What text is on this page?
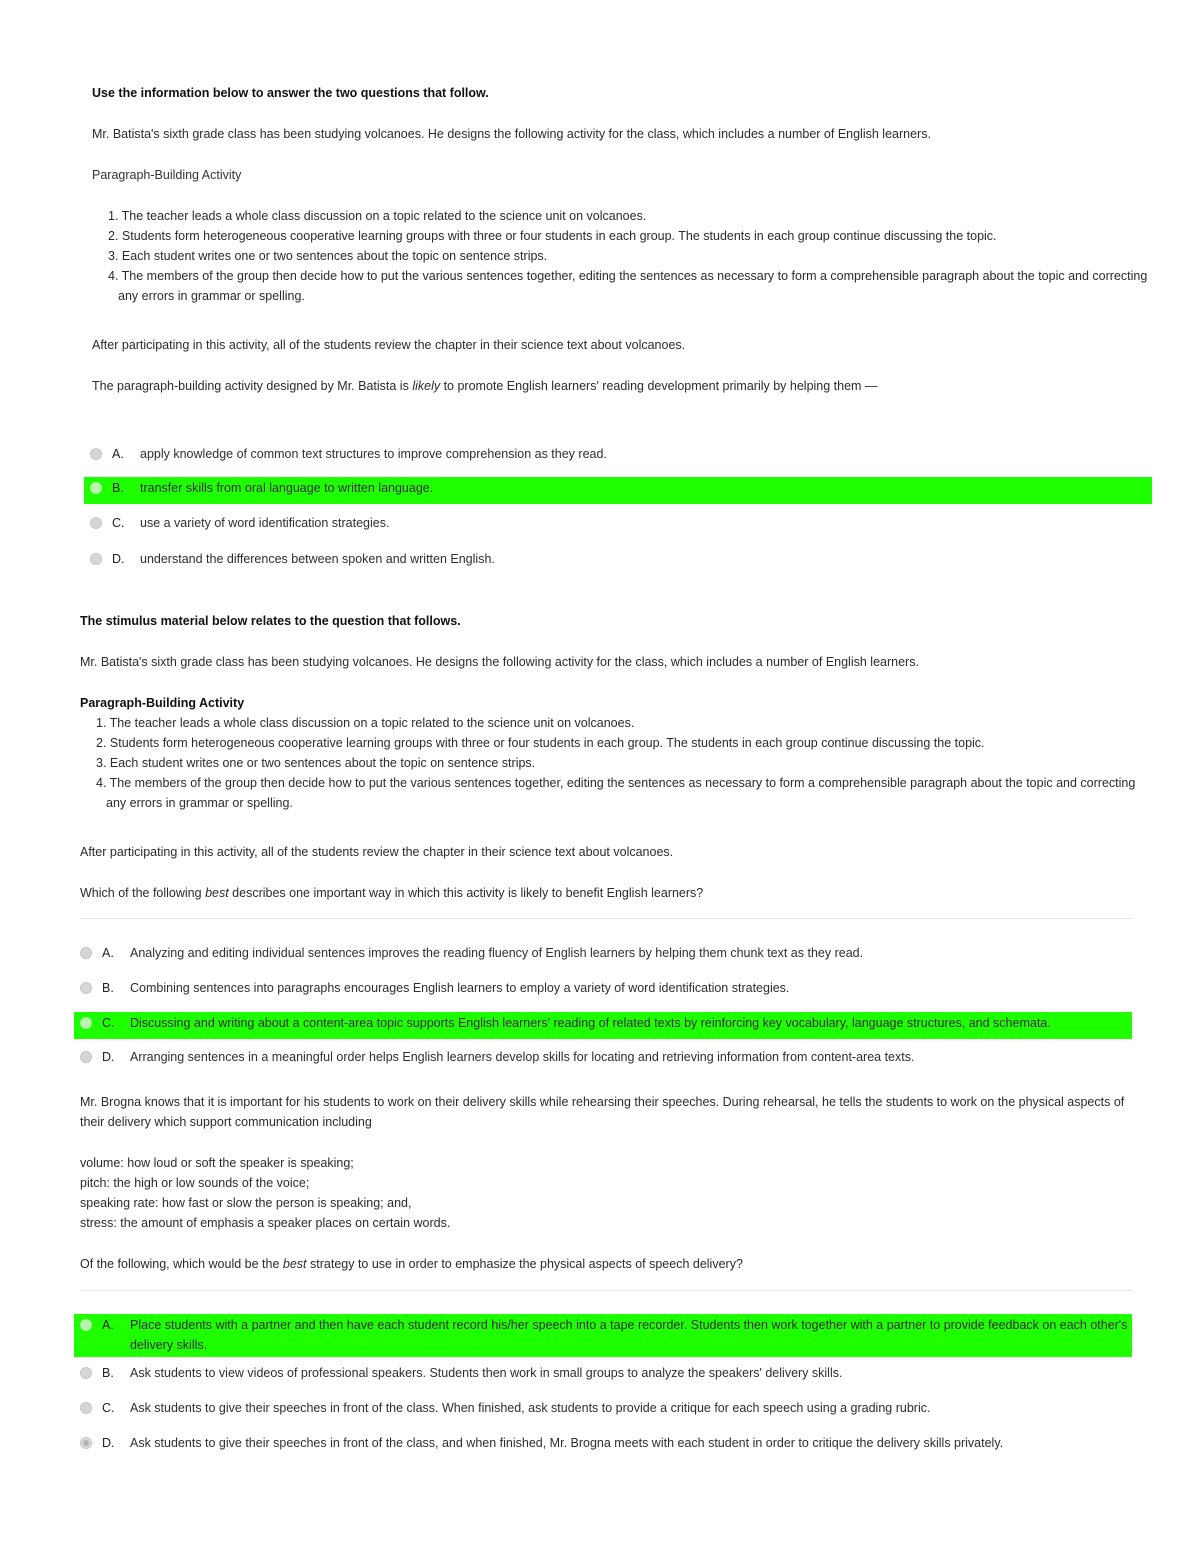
Use the information below to answer the two questions that follow.

Mr. Batista's sixth grade class has been studying volcanoes. He designs the following activity for the class, which includes a number of English learners.

Paragraph-Building Activity

1. The teacher leads a whole class discussion on a topic related to the science unit on volcanoes.
2. Students form heterogeneous cooperative learning groups with three or four students in each group. The students in each group continue discussing the topic.
3. Each student writes one or two sentences about the topic on sentence strips.
4. The members of the group then decide how to put the various sentences together, editing the sentences as necessary to form a comprehensible paragraph about the topic and correcting any errors in grammar or spelling.

After participating in this activity, all of the students review the chapter in their science text about volcanoes.

The paragraph-building activity designed by Mr. Batista is likely to promote English learners' reading development primarily by helping them —

A.	apply knowledge of common text structures to improve comprehension as they read.
B.	transfer skills from oral language to written language.
C.	use a variety of word identification strategies.
D.	understand the differences between spoken and written English.

The stimulus material below relates to the question that follows.

Mr. Batista's sixth grade class has been studying volcanoes. He designs the following activity for the class, which includes a number of English learners.

Paragraph-Building Activity

1. The teacher leads a whole class discussion on a topic related to the science unit on volcanoes.
2. Students form heterogeneous cooperative learning groups with three or four students in each group. The students in each group continue discussing the topic.
3. Each student writes one or two sentences about the topic on sentence strips.
4. The members of the group then decide how to put the various sentences together, editing the sentences as necessary to form a comprehensible paragraph about the topic and correcting any errors in grammar or spelling.

After participating in this activity, all of the students review the chapter in their science text about volcanoes.

Which of the following best describes one important way in which this activity is likely to benefit English learners?

A.	Analyzing and editing individual sentences improves the reading fluency of English learners by helping them chunk text as they read.
B.	Combining sentences into paragraphs encourages English learners to employ a variety of word identification strategies.
C.	Discussing and writing about a content-area topic supports English learners' reading of related texts by reinforcing key vocabulary, language structures, and schemata.
D.	Arranging sentences in a meaningful order helps English learners develop skills for locating and retrieving information from content-area texts.

Mr. Brogna knows that it is important for his students to work on their delivery skills while rehearsing their speeches. During rehearsal, he tells the students to work on the physical aspects of their delivery which support communication including

volume: how loud or soft the speaker is speaking;

pitch: the high or low sounds of the voice;

speaking rate: how fast or slow the person is speaking; and,

stress: the amount of emphasis a speaker places on certain words.

Of the following, which would be the best strategy to use in order to emphasize the physical aspects of speech delivery?

A.	Place students with a partner and then have each student record his/her speech into a tape recorder. Students then work together with a partner to provide feedback on each other's delivery skills.
B.	Ask students to view videos of professional speakers. Students then work in small groups to analyze the speakers' delivery skills.
C.	Ask students to give their speeches in front of the class. When finished, ask students to provide a critique for each speech using a grading rubric.
D.	Ask students to give their speeches in front of the class, and when finished, Mr. Brogna meets with each student in order to critique the delivery skills privately.
